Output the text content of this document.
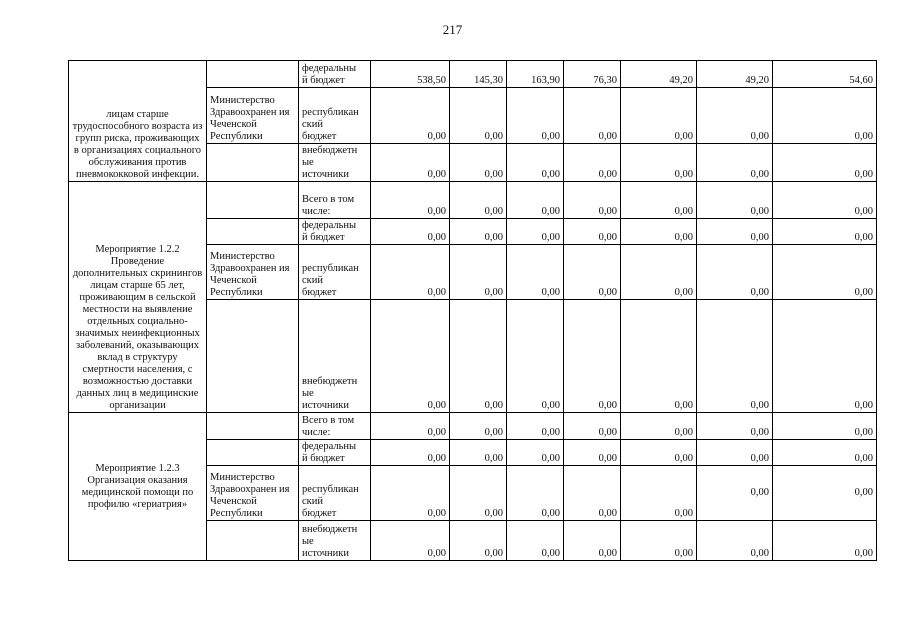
217
лицам старше трудоспособного возраста из групп риска, проживающих в организациях социального обслуживания против пневмококковой инфекции.		федеральны
й бюджет	538,50	145,30	163,90	76,30	49,20	49,20	54,60
	Министерство Здравоохранен ия Чеченской Республики	республикан
ский
бюджет	0,00	0,00	0,00	0,00	0,00	0,00	0,00
		внебюджетн
ые
источники	0,00	0,00	0,00	0,00	0,00	0,00	0,00
Мероприятие 1.2.2 Проведение дополнительных скринингов лицам старше 65 лет, проживающим в сельской местности на выявление отдельных социально-значимых неинфекционных заболеваний, оказывающих вклад в структуру смертности населения, с возможностью доставки данных лиц в медицинские организации		Всего в том
числе:	0,00	0,00	0,00	0,00	0,00	0,00	0,00
		федеральны
й бюджет	0,00	0,00	0,00	0,00	0,00	0,00	0,00
	Министерство Здравоохранен ия Чеченской Республики	республикан
ский
бюджет	0,00	0,00	0,00	0,00	0,00	0,00	0,00
		внебюджетн
ые
источники	0,00	0,00	0,00	0,00	0,00	0,00	0,00
Мероприятие 1.2.3 Организация оказания медицинской помощи по профилю «гериатрия»		Всего в том
числе:	0,00	0,00	0,00	0,00	0,00	0,00	0,00
		федеральны
й бюджет	0,00	0,00	0,00	0,00	0,00	0,00	0,00
	Министерство Здравоохранен ия Чеченской Республики	республикан
ский
бюджет	0,00	0,00	0,00	0,00	0,00	0,00	0,00
		внебюджетн
ые
источники	0,00	0,00	0,00	0,00	0,00	0,00	0,00
